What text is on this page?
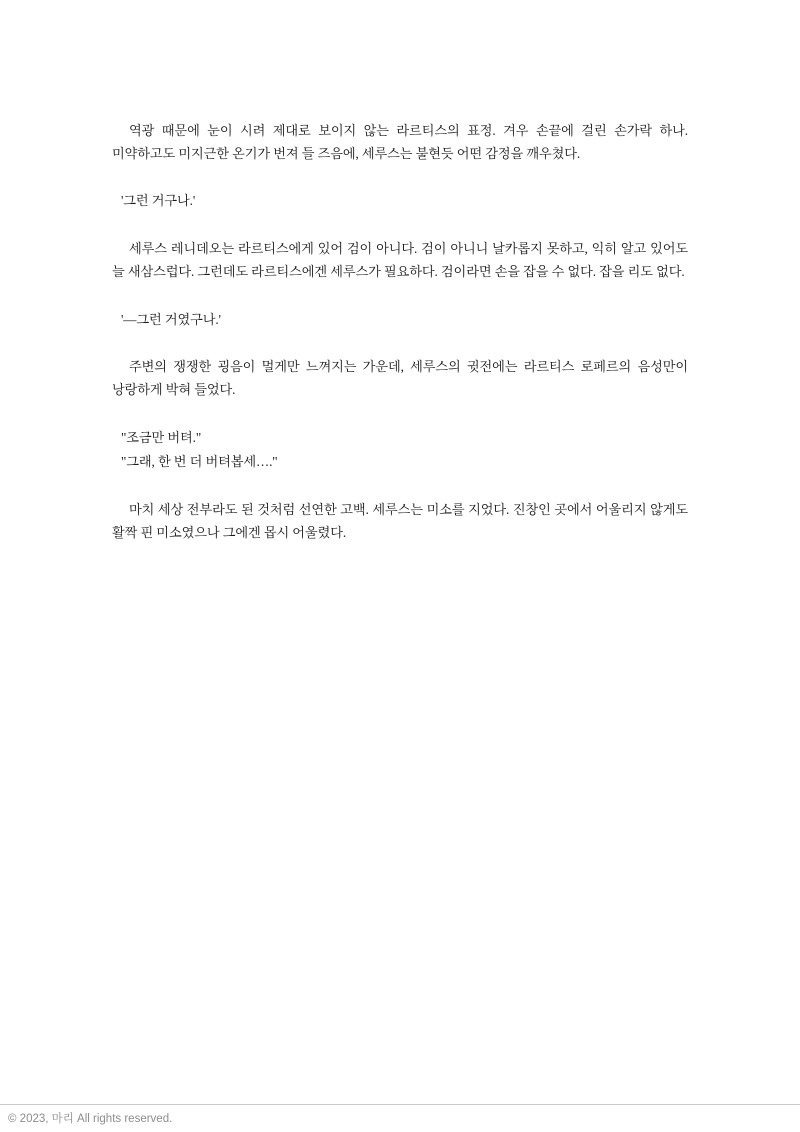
역광 때문에 눈이 시려 제대로 보이지 않는 라르티스의 표정. 겨우 손끝에 걸린 손가락 하나. 미약하고도 미지근한 온기가 번져 들 즈음에, 세루스는 불현듯 어떤 감정을 깨우쳤다.

'그런 거구나.'

세루스 레니데오는 라르티스에게 있어 검이 아니다. 검이 아니니 날카롭지 못하고, 익히 알고 있어도 늘 새삼스럽다. 그런데도 라르티스에겐 세루스가 필요하다. 검이라면 손을 잡을 수 없다. 잡을 리도 없다.

'―그런 거였구나.'

주변의 쟁쟁한 굉음이 멀게만 느껴지는 가운데, 세루스의 귓전에는 라르티스 로페르의 음성만이 낭랑하게 박혀 들었다.

"조금만 버텨."

"그래, 한 번 더 버텨봅세…."

마치 세상 전부라도 된 것처럼 선연한 고백. 세루스는 미소를 지었다. 진창인 곳에서 어울리지 않게도 활짝 핀 미소였으나 그에겐 몹시 어울렸다.

© 2023, 마리 All rights reserved.
